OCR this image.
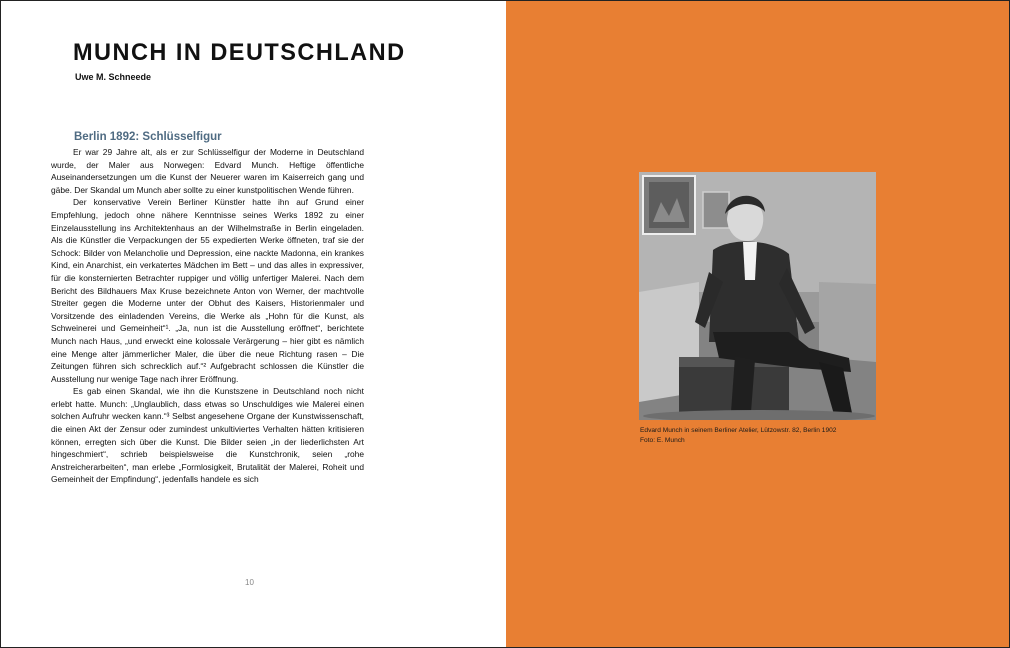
MUNCH IN DEUTSCHLAND
Uwe M. Schneede
Berlin 1892: Schlüsselfigur

Er war 29 Jahre alt, als er zur Schlüsselfigur der Moderne in Deutschland wurde, der Maler aus Norwegen: Edvard Munch. Heftige öffentliche Auseinandersetzungen um die Kunst der Neuerer waren im Kaiserreich gang und gäbe. Der Skandal um Munch aber sollte zu einer kunstpolitischen Wende führen.

Der konservative Verein Berliner Künstler hatte ihn auf Grund einer Empfehlung, jedoch ohne nähere Kenntnisse seines Werks 1892 zu einer Einzelausstellung ins Architektenhaus an der Wilhelmstraße in Berlin eingeladen. Als die Künstler die Verpackungen der 55 expedierten Werke öffneten, traf sie der Schock: Bilder von Melancholie und Depression, eine nackte Madonna, ein krankes Kind, ein Anarchist, ein verkatertes Mädchen im Bett – und das alles in expressiver, für die konsternierten Betrachter ruppiger und völlig unfertiger Malerei. Nach dem Bericht des Bildhauers Max Kruse bezeichnete Anton von Werner, der machtvolle Streiter gegen die Moderne unter der Obhut des Kaisers, Historienmaler und Vorsitzende des einladenden Vereins, die Werke als „Hohn für die Kunst, als Schweinerei und Gemeinheit“¹. „Ja, nun ist die Ausstellung eröffnet“, berichtete Munch nach Haus, „und erweckt eine kolossale Verärgerung – hier gibt es nämlich eine Menge alter jämmerlicher Maler, die über die neue Richtung rasen – Die Zeitungen führen sich schrecklich auf.“² Aufgebracht schlossen die Künstler die Ausstellung nur wenige Tage nach ihrer Eröffnung.

Es gab einen Skandal, wie ihn die Kunstszene in Deutschland noch nicht erlebt hatte. Munch: „Unglaublich, dass etwas so Unschuldiges wie Malerei einen solchen Aufruhr wecken kann.“³ Selbst angesehene Organe der Kunstwissenschaft, die einen Akt der Zensur oder zumindest unkultiviertes Verhalten hätten kritisieren können, erregten sich über die Kunst. Die Bilder seien „in der liederlichsten Art hingeschmiert“, schrieb beispielsweise die Kunstchronik, seien „rohe Anstreicherarbeiten“, man erlebe „Formlosigkeit, Brutalität der Malerei, Roheit und Gemeinheit der Empfindung“, jedenfalls handele es sich

10
Edvard Munch in seinem Berliner Atelier, Lützowstr. 82, Berlin 1902
Foto: E. Munch
